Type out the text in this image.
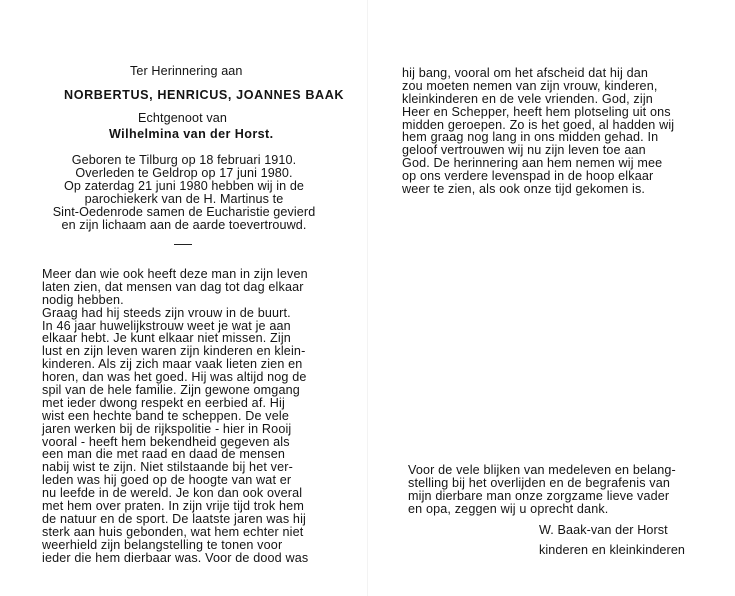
Ter Herinnering aan
NORBERTUS, HENRICUS, JOANNES BAAK
Echtgenoot van
Wilhelmina van der Horst.
Geboren te Tilburg op 18 februari 1910.
Overleden te Geldrop op 17 juni 1980.
Op zaterdag 21 juni 1980 hebben wij in de
parochiekerk van de H. Martinus te
Sint-Oedenrode samen de Eucharistie gevierd
en zijn lichaam aan de aarde toevertrouwd.
Meer dan wie ook heeft deze man in zijn leven
laten zien, dat mensen van dag tot dag elkaar
nodig hebben.
Graag had hij steeds zijn vrouw in de buurt.
In 46 jaar huwelijkstrouw weet je wat je aan
elkaar hebt. Je kunt elkaar niet missen. Zijn
lust en zijn leven waren zijn kinderen en klein-
kinderen. Als zij zich maar vaak lieten zien en
horen, dan was het goed. Hij was altijd nog de
spil van de hele familie. Zijn gewone omgang
met ieder dwong respekt en eerbied af. Hij
wist een hechte band te scheppen. De vele
jaren werken bij de rijkspolitie - hier in Rooij
vooral - heeft hem bekendheid gegeven als
een man die met raad en daad de mensen
nabij wist te zijn. Niet stilstaande bij het ver-
leden was hij goed op de hoogte van wat er
nu leefde in de wereld. Je kon dan ook overal
met hem over praten. In zijn vrije tijd trok hem
de natuur en de sport. De laatste jaren was hij
sterk aan huis gebonden, wat hem echter niet
weerhield zijn belangstelling te tonen voor
ieder die hem dierbaar was. Voor de dood was
hij bang, vooral om het afscheid dat hij dan
zou moeten nemen van zijn vrouw, kinderen,
kleinkinderen en de vele vrienden. God, zijn
Heer en Schepper, heeft hem plotseling uit ons
midden geroepen. Zo is het goed, al hadden wij
hem graag nog lang in ons midden gehad. In
geloof vertrouwen wij nu zijn leven toe aan
God. De herinnering aan hem nemen wij mee
op ons verdere levenspad in de hoop elkaar
weer te zien, als ook onze tijd gekomen is.
Voor de vele blijken van medeleven en belang-
stelling bij het overlijden en de begrafenis van
mijn dierbare man onze zorgzame lieve vader
en opa, zeggen wij u oprecht dank.
W. Baak-van der Horst
kinderen en kleinkinderen
